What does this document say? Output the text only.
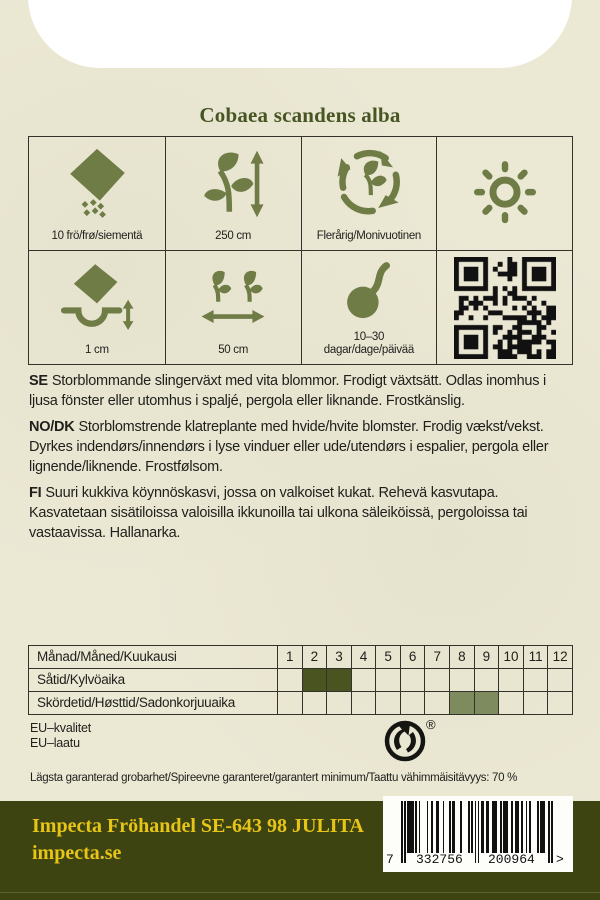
Cobaea scandens alba
10 frö/frø/siementä	250 cm	Flerårig/Monivuotinen
1 cm	50 cm
10–30
dagar/dage/päivää

SE Storblommande slingerväxt med vita blommor. Frodigt växtsätt. Odlas inomhus i ljusa fönster eller utomhus i spaljé, pergola eller liknande. Frostkänslig.

NO/DK Storblomstrende klatreplante med hvide/hvite blomster. Frodig vækst/vekst. Dyrkes indendørs/innendørs i lyse vinduer eller ude/utendørs i espalier, pergola eller lignende/liknende. Frostfølsom.

FI Suuri kukkiva köynnöskasvi, jossa on valkoiset kukat. Rehevä kasvutapa. Kasvatetaan sisätiloissa valoisilla ikkunoilla tai ulkona säleiköissä, pergoloissa tai vastaavissa. Hallanarka.

Månad/Måned/Kuukausi	1	2	3	4	5	6	7	8	9 10 11 12
Såtid/Kylvöaika
Skördetid/Høsttid/Sadonkorjuuaika
EU–kvalitet
EU–laatu
®
Lägsta garanterad grobarhet/Spireevne garanteret/garantert minimum/Taattu vähimmäisitävyys: 70 %
Impecta Fröhandel SE-643 98 JULITA
impecta.se	7 332756 200964 >
